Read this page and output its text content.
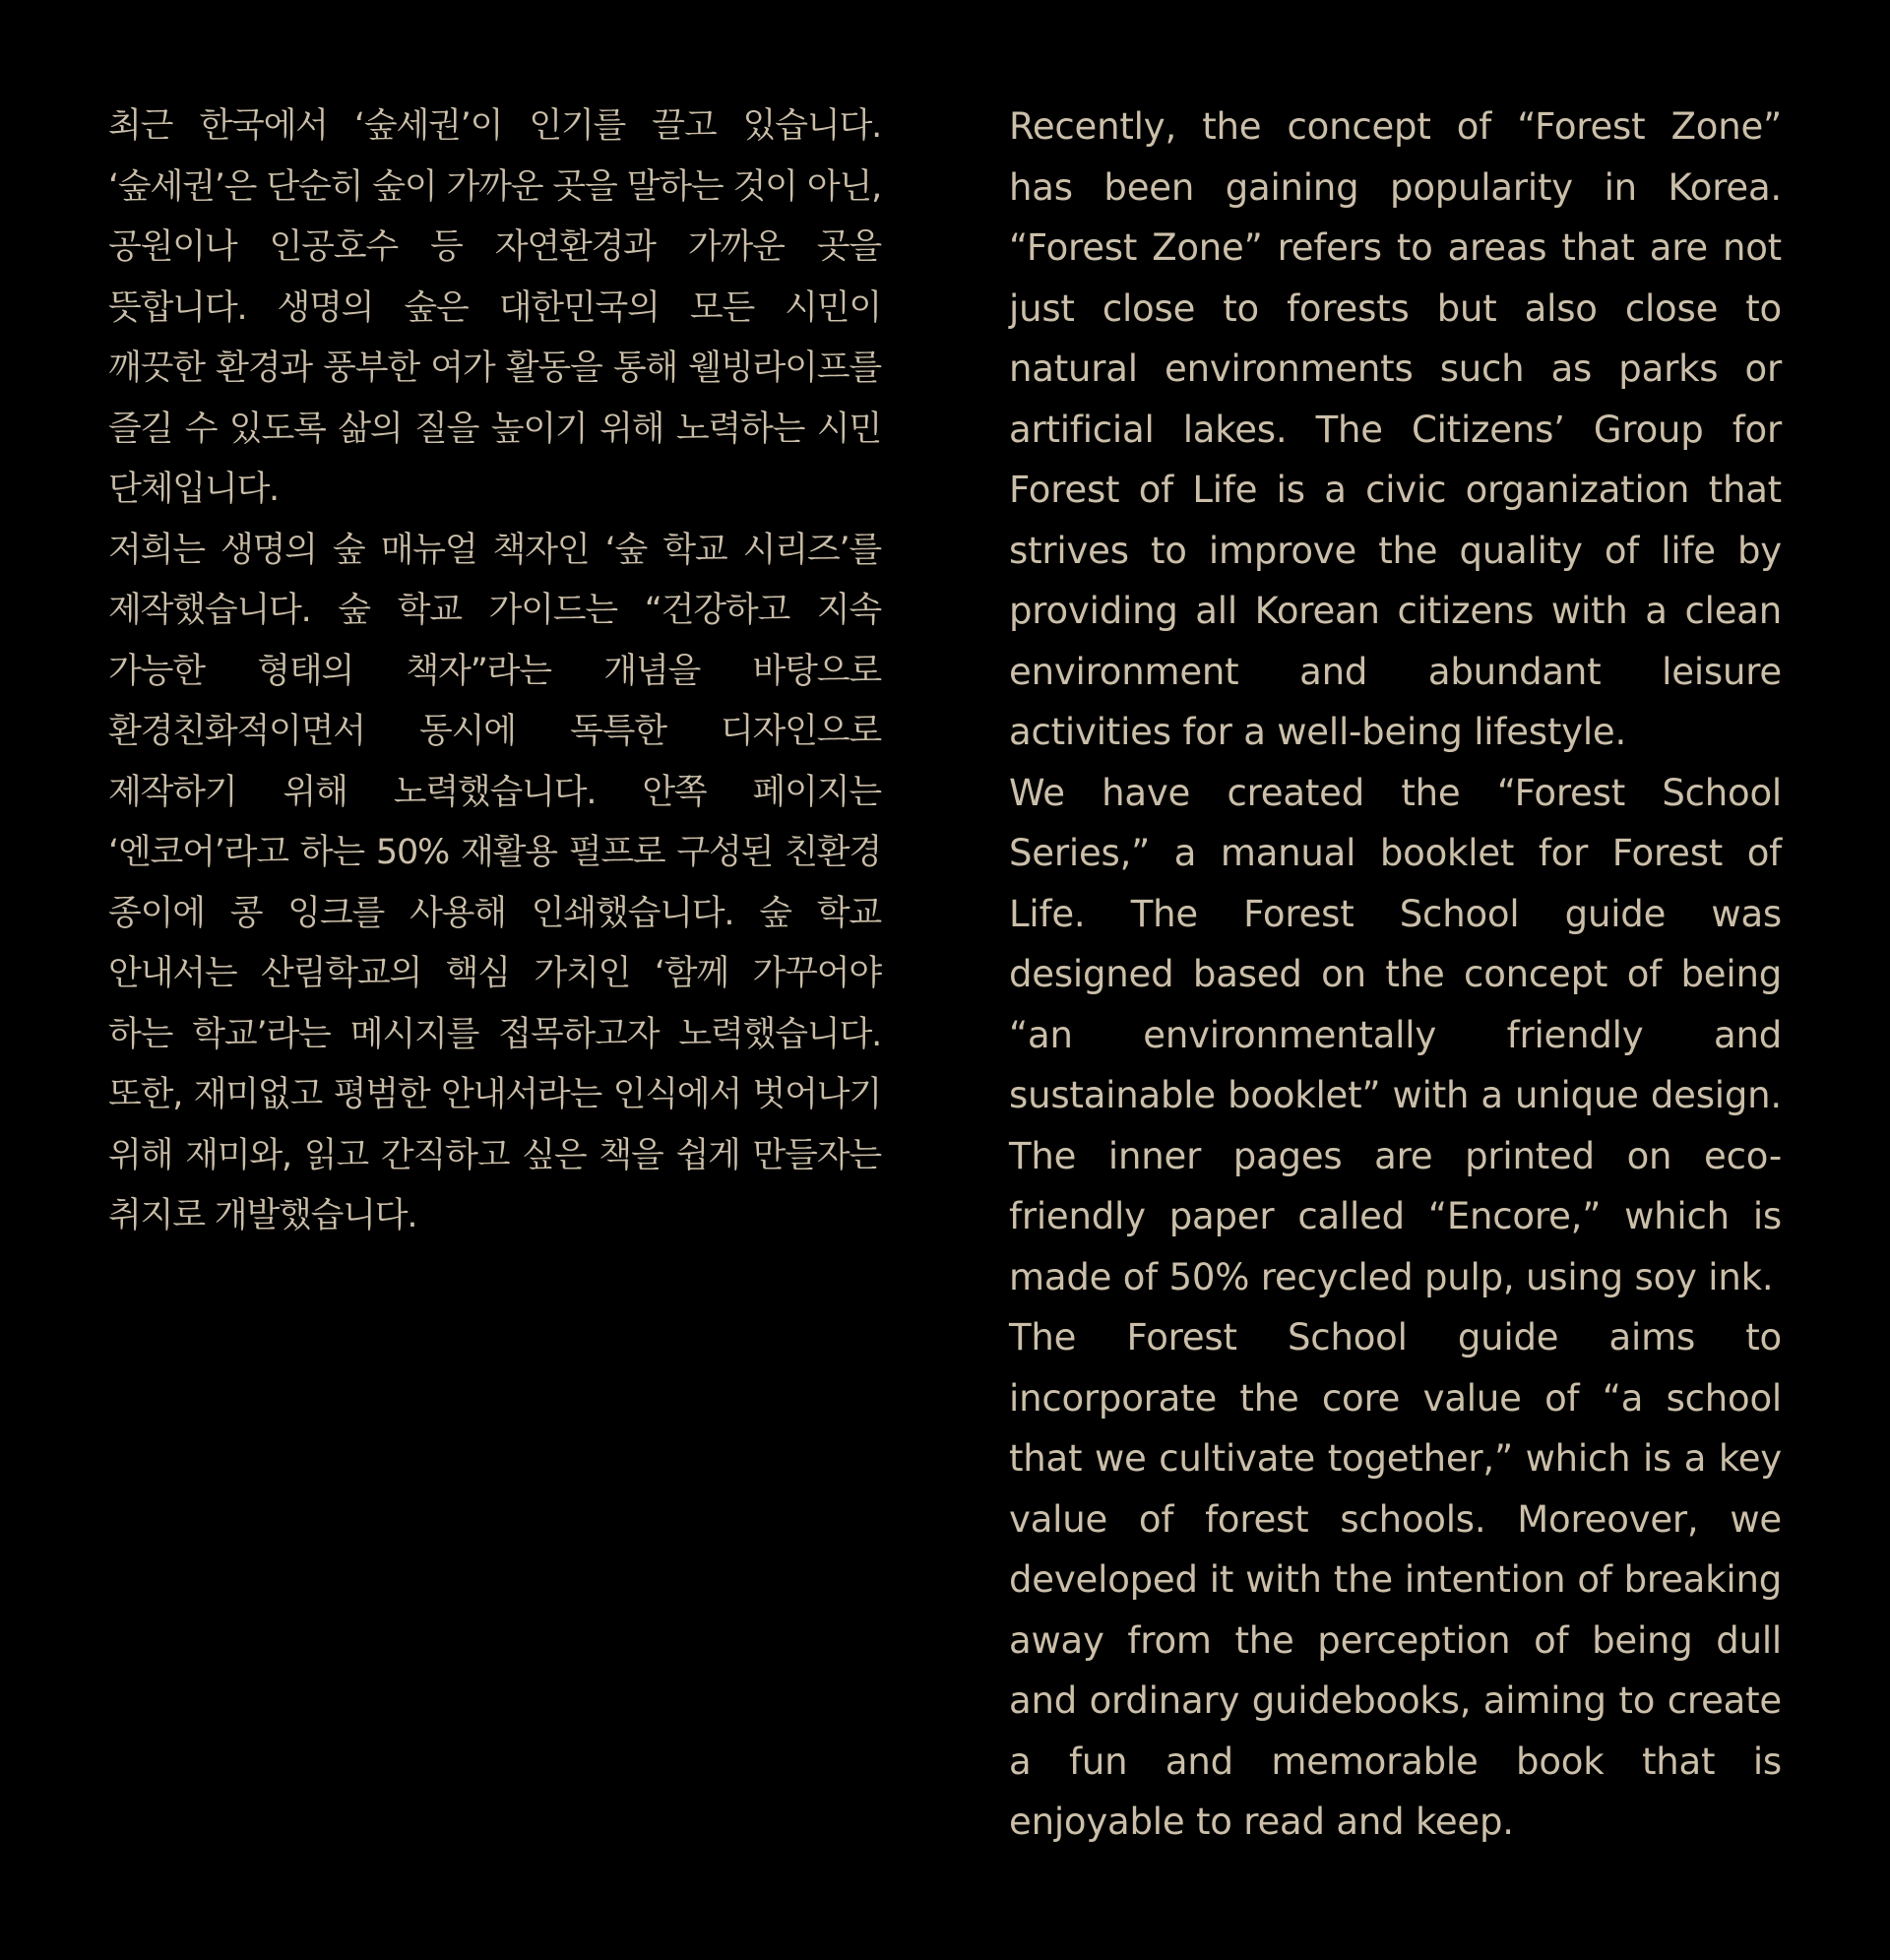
최근 한국에서 ‘숲세권’이 인기를 끌고 있습니다. ‘숲세권’은 단순히 숲이 가까운 곳을 말하는 것이 아닌, 공원이나 인공호수 등 자연환경과 가까운 곳을 뜻합니다. 생명의 숲은 대한민국의 모든 시민이 깨끗한 환경과 풍부한 여가 활동을 통해 웰빙라이프를 즐길 수 있도록 삶의 질을 높이기 위해 노력하는 시민 단체입니다.

저희는 생명의 숲 매뉴얼 책자인 ‘숲 학교 시리즈’를 제작했습니다. 숲 학교 가이드는 “건강하고 지속 가능한 형태의 책자”라는 개념을 바탕으로 환경친화적이면서 동시에 독특한 디자인으로 제작하기 위해 노력했습니다. 안쪽 페이지는 ‘엔코어’라고 하는 50% 재활용 펄프로 구성된 친환경 종이에 콩 잉크를 사용해 인쇄했습니다. 숲 학교 안내서는 산림학교의 핵심 가치인 ‘함께 가꾸어야 하는 학교’라는 메시지를 접목하고자 노력했습니다. 또한, 재미없고 평범한 안내서라는 인식에서 벗어나기 위해 재미와, 읽고 간직하고 싶은 책을 쉽게 만들자는 취지로 개발했습니다.

Recently, the concept of “Forest Zone” has been gaining popularity in Korea. “Forest Zone” refers to areas that are not just close to forests but also close to natural environments such as parks or artificial lakes. The Citizens’ Group for Forest of Life is a civic organization that strives to improve the quality of life by providing all Korean citizens with a clean environment and abundant leisure activities for a well-being lifestyle.

We have created the “Forest School Series,” a manual booklet for Forest of Life. The Forest School guide was designed based on the concept of being “an environmentally friendly and sustainable booklet” with a unique design. The inner pages are printed on eco-friendly paper called “Encore,” which is made of 50% recycled pulp, using soy ink.

The Forest School guide aims to incorporate the core value of “a school that we cultivate together,” which is a key value of forest schools. Moreover, we developed it with the intention of breaking away from the perception of being dull and ordinary guidebooks, aiming to create a fun and memorable book that is enjoyable to read and keep.
